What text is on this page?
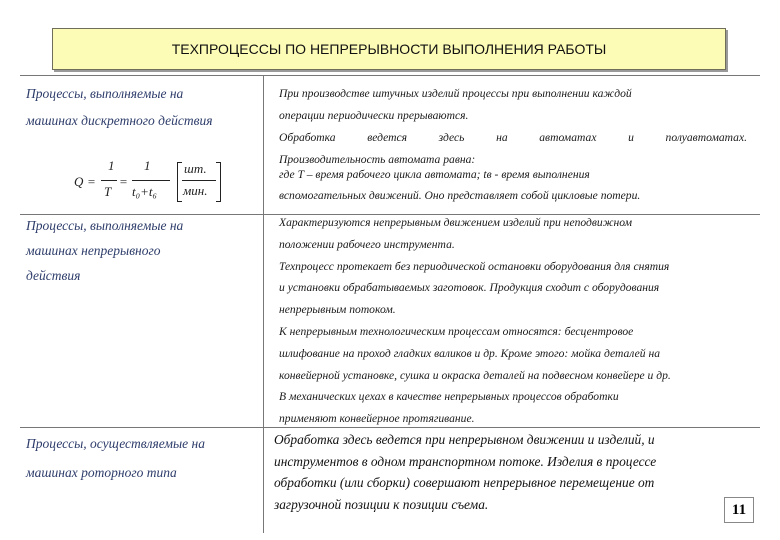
ТЕХПРОЦЕССЫ ПО НЕПРЕРЫВНОСТИ ВЫПОЛНЕНИЯ РАБОТЫ
Процессы, выполняемые на
машинах дискретного действия
Q =
1
T
=
1
t₀+t₆
шт.
мин.

При производстве штучных изделий процессы при выполнении каждой

операции периодически прерываются.

Обработка ведется здесь на автоматах и полуавтоматах.

Производительность автомата равна:

где T – время рабочего цикла автомата; tв - время выполнения

вспомогательных движений. Оно представляет собой цикловые потери.

Процессы, выполняемые на
машинах непрерывного
действия

Характеризуются непрерывным движением изделий при неподвижном

положении рабочего инструмента.

Техпроцесс протекает без периодической остановки оборудования для снятия

и установки обрабатываемых заготовок. Продукция сходит с оборудования

непрерывным потоком.

К непрерывным технологическим процессам относятся: бесцентровое

шлифование на проход гладких валиков и др. Кроме этого: мойка деталей на

конвейерной установке, сушка и окраска деталей на подвесном конвейере и др.

В механических цехах в качестве непрерывных процессов обработки

применяют конвейерное протягивание.

Процессы, осуществляемые на
машинах роторного типа

Обработка здесь ведется при непрерывном движении и изделий, и

инструментов в одном транспортном потоке. Изделия в процессе

обработки (или сборки) совершают непрерывное перемещение от

загрузочной позиции к позиции съема.	11
